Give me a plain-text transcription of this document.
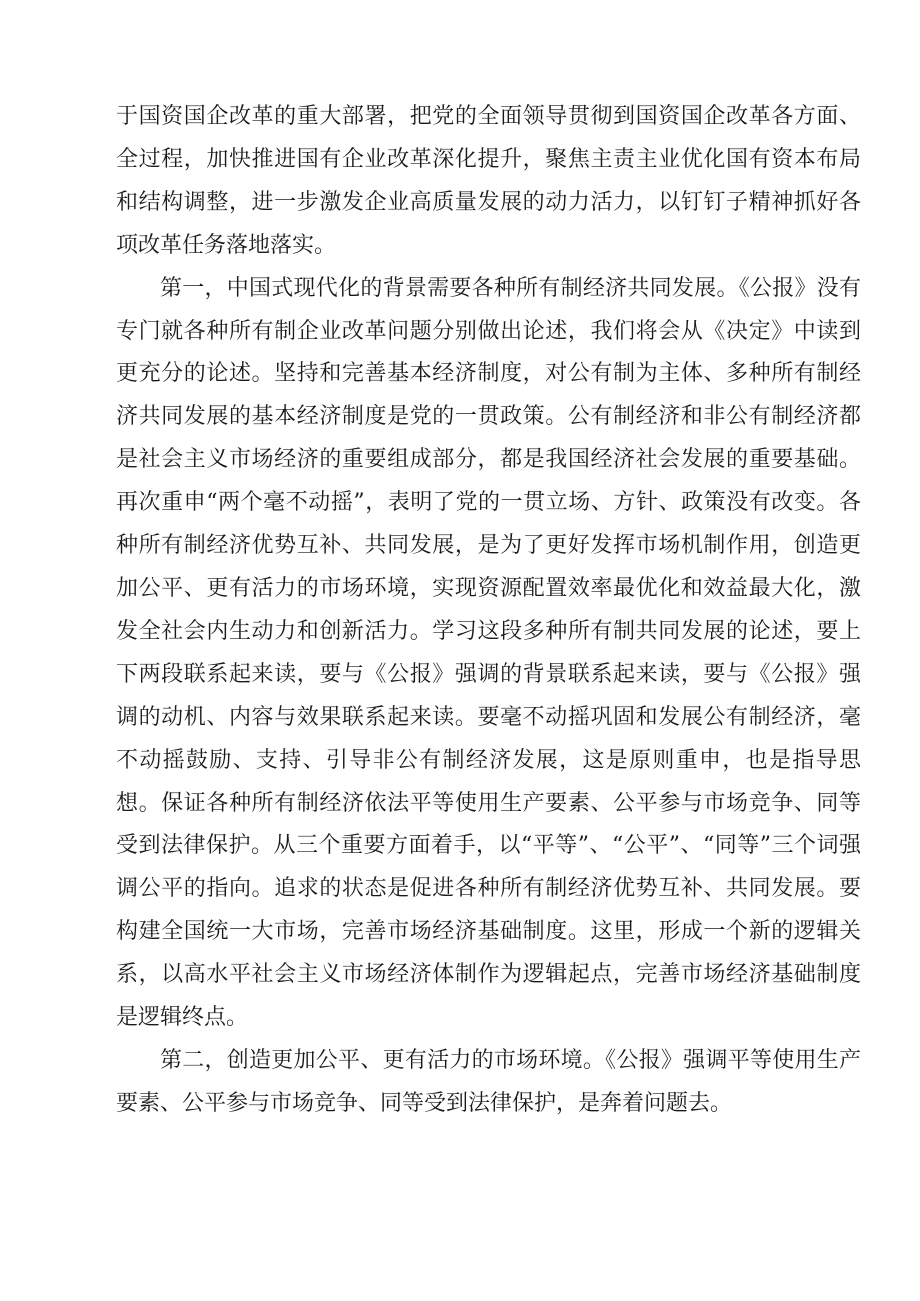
于国资国企改革的重大部署，把党的全面领导贯彻到国资国企改革各方面、全过程，加快推进国有企业改革深化提升，聚焦主责主业优化国有资本布局和结构调整，进一步激发企业高质量发展的动力活力，以钉钉子精神抓好各项改革任务落地落实。

第一，中国式现代化的背景需要各种所有制经济共同发展。《公报》没有专门就各种所有制企业改革问题分别做出论述，我们将会从《决定》中读到更充分的论述。坚持和完善基本经济制度，对公有制为主体、多种所有制经济共同发展的基本经济制度是党的一贯政策。公有制经济和非公有制经济都是社会主义市场经济的重要组成部分，都是我国经济社会发展的重要基础。再次重申“两个毫不动摇”，表明了党的一贯立场、方针、政策没有改变。各种所有制经济优势互补、共同发展，是为了更好发挥市场机制作用，创造更加公平、更有活力的市场环境，实现资源配置效率最优化和效益最大化，激发全社会内生动力和创新活力。学习这段多种所有制共同发展的论述，要上下两段联系起来读，要与《公报》强调的背景联系起来读，要与《公报》强调的动机、内容与效果联系起来读。要毫不动摇巩固和发展公有制经济，毫不动摇鼓励、支持、引导非公有制经济发展，这是原则重申，也是指导思想。保证各种所有制经济依法平等使用生产要素、公平参与市场竞争、同等受到法律保护。从三个重要方面着手，以“平等”、“公平”、“同等”三个词强调公平的指向。追求的状态是促进各种所有制经济优势互补、共同发展。要构建全国统一大市场，完善市场经济基础制度。这里，形成一个新的逻辑关系，以高水平社会主义市场经济体制作为逻辑起点，完善市场经济基础制度是逻辑终点。

第二，创造更加公平、更有活力的市场环境。《公报》强调平等使用生产要素、公平参与市场竞争、同等受到法律保护，是奔着问题去。
